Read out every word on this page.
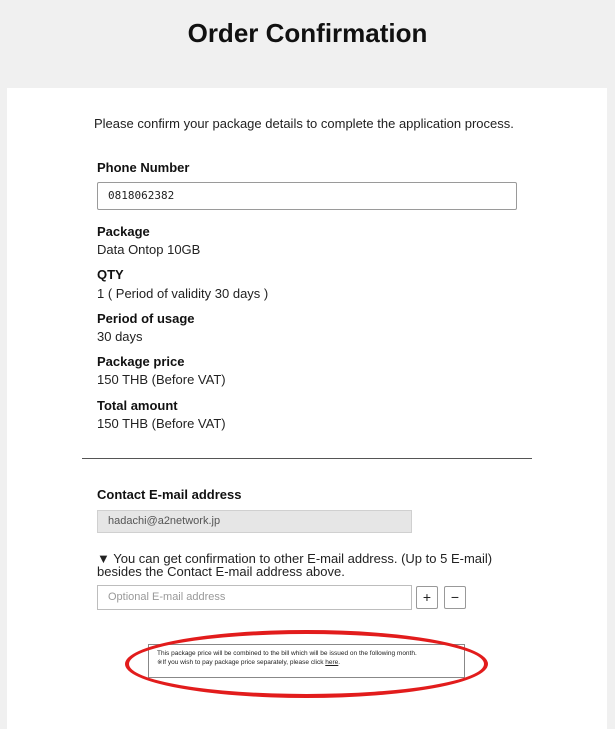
Order Confirmation
Please confirm your package details to complete the application process.
Phone Number
0818062382
Package
Data Ontop 10GB
QTY
1 ( Period of validity 30 days )
Period of usage
30 days
Package price
150 THB (Before VAT)
Total amount
150 THB (Before VAT)
Contact E-mail address
hadachi@a2network.jp
▼ You can get confirmation to other E-mail address. (Up to 5 E-mail)
besides the Contact E-mail address above.
Optional E-mail address	+	−
This package price will be combined to the bill which will be issued on the following month.
※If you wish to pay package price separately, please click here.
